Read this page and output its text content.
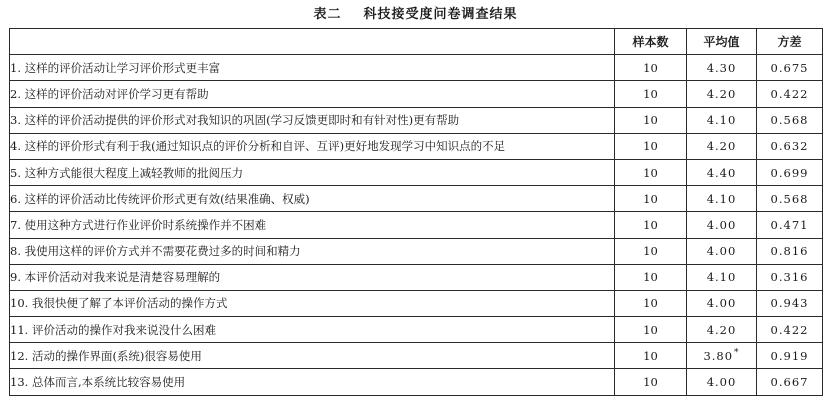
表二 科技接受度问卷调查结果
	样本数	平均值	方差
1. 这样的评价活动让学习评价形式更丰富	10	4.30	0.675
2. 这样的评价活动对评价学习更有帮助	10	4.20	0.422
3. 这样的评价活动提供的评价形式对我知识的巩固(学习反馈更即时和有针对性)更有帮助	10	4.10	0.568
4. 这样的评价形式有利于我(通过知识点的评价分析和自评、互评)更好地发现学习中知识点的不足	10	4.20	0.632
5. 这种方式能很大程度上减轻教师的批阅压力	10	4.40	0.699
6. 这样的评价活动比传统评价形式更有效(结果准确、权威)	10	4.10	0.568
7. 使用这种方式进行作业评价时系统操作并不困难	10	4.00	0.471
8. 我使用这样的评价方式并不需要花费过多的时间和精力	10	4.00	0.816
9. 本评价活动对我来说是清楚容易理解的	10	4.10	0.316
10. 我很快便了解了本评价活动的操作方式	10	4.00	0.943
11. 评价活动的操作对我来说没什么困难	10	4.20	0.422
12. 活动的操作界面(系统)很容易使用	10	3.80*	0.919
13. 总体而言,本系统比较容易使用	10	4.00	0.667
